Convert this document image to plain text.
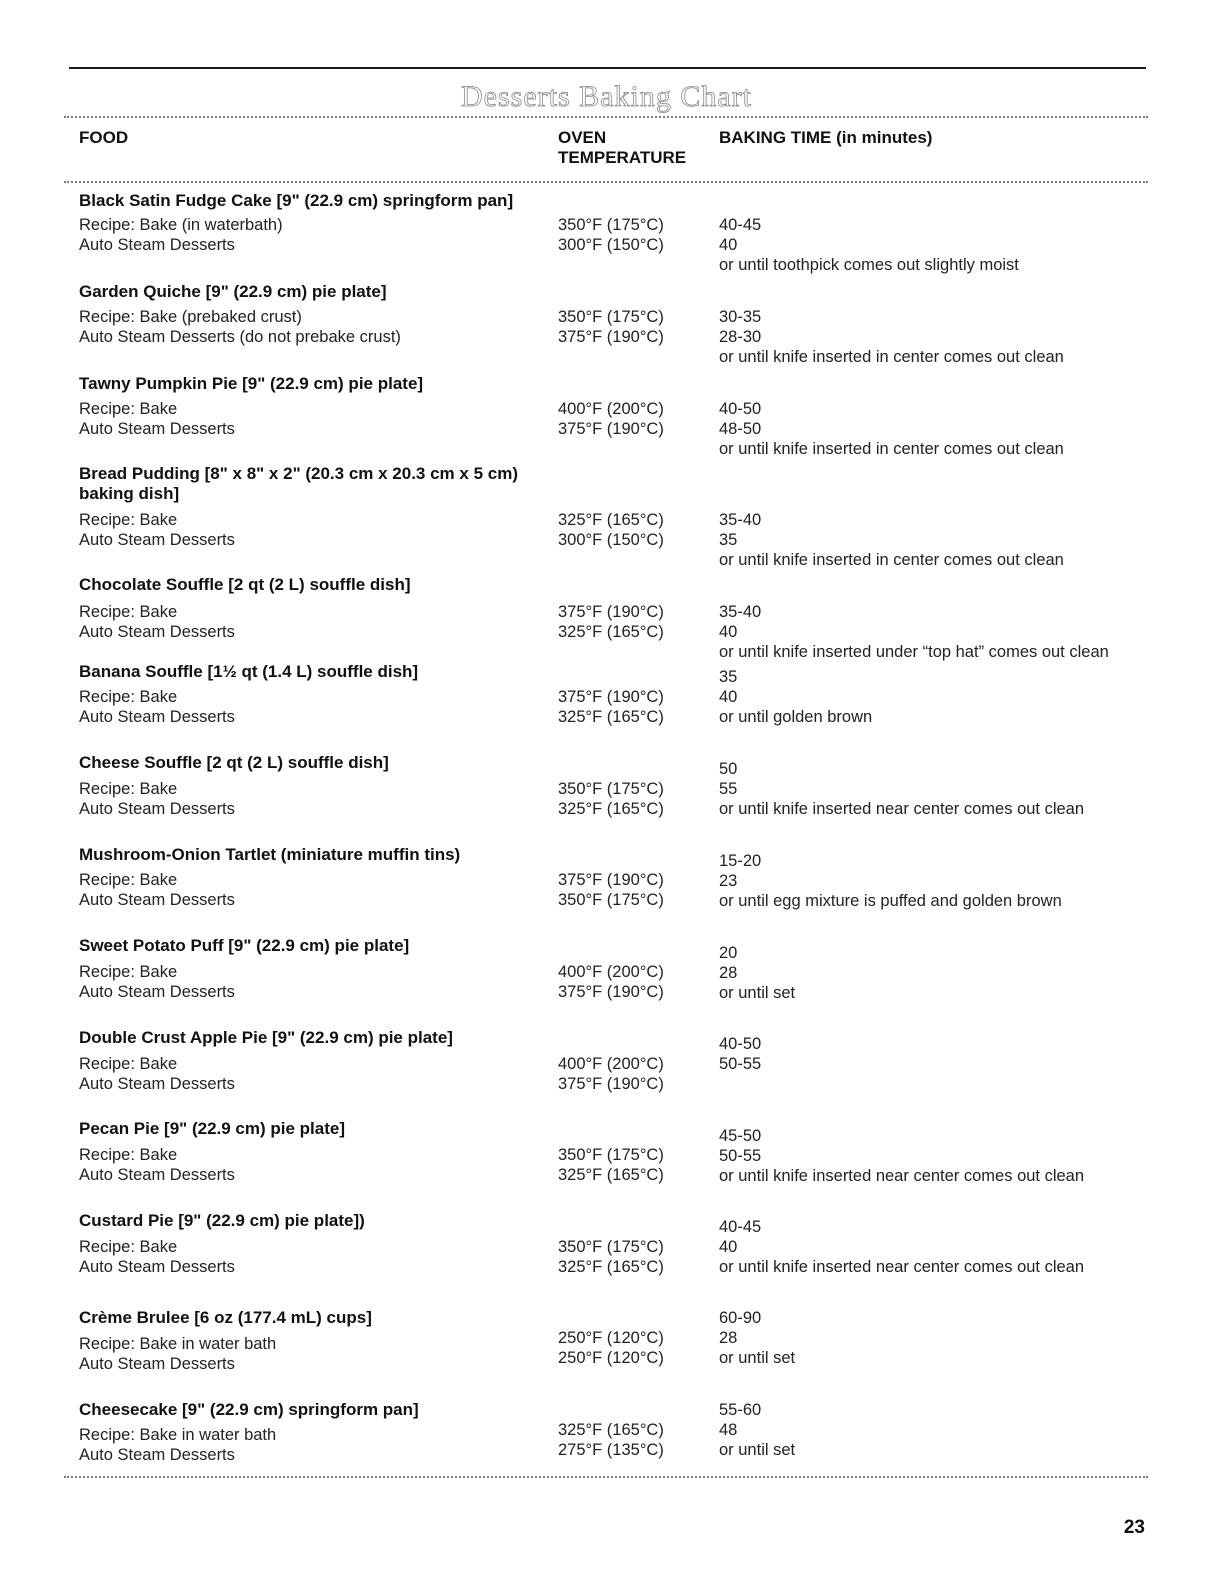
Desserts Baking Chart
FOOD	OVEN
TEMPERATURE
BAKING TIME (in minutes)
Black Satin Fudge Cake [9" (22.9 cm) springform pan]
Recipe: Bake (in waterbath)
Auto Steam Desserts
350°F (175°C)
300°F (150°C)
40-45
40
or until toothpick comes out slightly moist
Garden Quiche [9" (22.9 cm) pie plate]
Recipe: Bake (prebaked crust)
Auto Steam Desserts (do not prebake crust)
350°F (175°C)
375°F (190°C)
30-35
28-30
or until knife inserted in center comes out clean
Tawny Pumpkin Pie [9" (22.9 cm) pie plate]
Recipe: Bake
Auto Steam Desserts
400°F (200°C)
375°F (190°C)
40-50
48-50
or until knife inserted in center comes out clean
Bread Pudding [8" x 8" x 2" (20.3 cm x 20.3 cm x 5 cm)
baking dish]
Recipe: Bake
Auto Steam Desserts
325°F (165°C)
300°F (150°C)
35-40
35
or until knife inserted in center comes out clean
Chocolate Souffle [2 qt (2 L) souffle dish]
Recipe: Bake
Auto Steam Desserts
375°F (190°C)
325°F (165°C)
35-40
40
or until knife inserted under “top hat” comes out clean
Banana Souffle [1½ qt (1.4 L) souffle dish]
Recipe: Bake
Auto Steam Desserts
375°F (190°C)
325°F (165°C)
35
40
or until golden brown
Cheese Souffle [2 qt (2 L) souffle dish]
Recipe: Bake
Auto Steam Desserts
350°F (175°C)
325°F (165°C)
50
55
or until knife inserted near center comes out clean
Mushroom-Onion Tartlet (miniature muffin tins)
Recipe: Bake
Auto Steam Desserts
375°F (190°C)
350°F (175°C)
15-20
23
or until egg mixture is puffed and golden brown
Sweet Potato Puff [9" (22.9 cm) pie plate]
Recipe: Bake
Auto Steam Desserts
400°F (200°C)
375°F (190°C)
20
28
or until set
Double Crust Apple Pie [9" (22.9 cm) pie plate]
Recipe: Bake
Auto Steam Desserts
400°F (200°C)
375°F (190°C)
40-50
50-55
Pecan Pie [9" (22.9 cm) pie plate]
Recipe: Bake
Auto Steam Desserts
350°F (175°C)
325°F (165°C)
45-50
50-55
or until knife inserted near center comes out clean
Custard Pie [9" (22.9 cm) pie plate])
Recipe: Bake
Auto Steam Desserts
350°F (175°C)
325°F (165°C)
40-45
40
or until knife inserted near center comes out clean
Crème Brulee [6 oz (177.4 mL) cups]
Recipe: Bake in water bath
Auto Steam Desserts
250°F (120°C)
250°F (120°C)
60-90
28
or until set
Cheesecake [9" (22.9 cm) springform pan]
Recipe: Bake in water bath
Auto Steam Desserts
325°F (165°C)
275°F (135°C)
55-60
48
or until set
23
